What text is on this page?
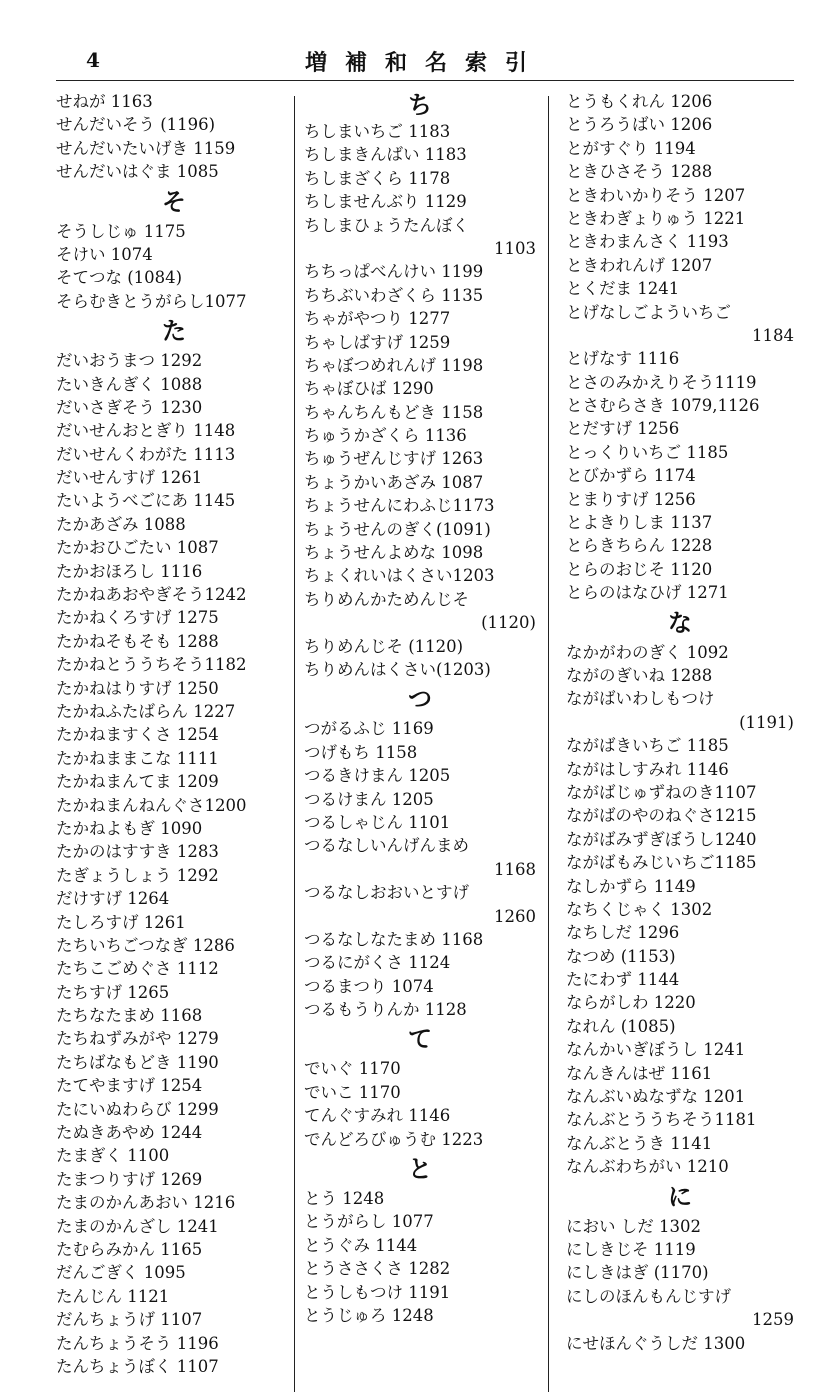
4	増補和名索引
せねが 1163
せんだいそう (1196)
せんだいたいげき 1159
せんだいはぐま 1085
そ
そうしじゅ 1175
そけい 1074
そてつな (1084)
そらむきとうがらし1077
た
だいおうまつ 1292
たいきんぎく 1088
だいさぎそう 1230
だいせんおとぎり 1148
だいせんくわがた 1113
だいせんすげ 1261
たいようべごにあ 1145
たかあざみ 1088
たかおひごたい 1087
たかおほろし 1116
たかねあおやぎそう1242
たかねくろすげ 1275
たかねそもそも 1288
たかねとううちそう1182
たかねはりすげ 1250
たかねふたばらん 1227
たかねますくさ 1254
たかねままこな 1111
たかねまんてま 1209
たかねまんねんぐさ1200
たかねよもぎ 1090
たかのはすすき 1283
たぎょうしょう 1292
だけすげ 1264
たしろすげ 1261
たちいちごつなぎ 1286
たちこごめぐさ 1112
たちすげ 1265
たちなたまめ 1168
たちねずみがや 1279
たちばなもどき 1190
たてやますげ 1254
たにいぬわらび 1299
たぬきあやめ 1244
たまぎく 1100
たまつりすげ 1269
たまのかんあおい 1216
たまのかんざし 1241
たむらみかん 1165
だんごぎく 1095
たんじん 1121
だんちょうげ 1107
たんちょうそう 1196
たんちょうぼく 1107
ち
ちしまいちご 1183
ちしまきんばい 1183
ちしまざくら 1178
ちしませんぶり 1129
ちしまひょうたんぼく
1103
ちちっぱべんけい 1199
ちちぶいわざくら 1135
ちゃがやつり 1277
ちゃしばすげ 1259
ちゃぼつめれんげ 1198
ちゃぼひば 1290
ちゃんちんもどき 1158
ちゅうかざくら 1136
ちゅうぜんじすげ 1263
ちょうかいあざみ 1087
ちょうせんにわふじ1173
ちょうせんのぎく(1091)
ちょうせんよめな 1098
ちょくれいはくさい1203
ちりめんかためんじそ
(1120)
ちりめんじそ (1120)
ちりめんはくさい(1203)
つ
つがるふじ 1169
つげもち 1158
つるきけまん 1205
つるけまん 1205
つるしゃじん 1101
つるなしいんげんまめ
1168
つるなしおおいとすげ
1260
つるなしなたまめ 1168
つるにがくさ 1124
つるまつり 1074
つるもうりんか 1128
て
でいぐ 1170
でいこ 1170
てんぐすみれ 1146
でんどろびゅうむ 1223
と
とう 1248
とうがらし 1077
とうぐみ 1144
とうささくさ 1282
とうしもつけ 1191
とうじゅろ 1248
とうもくれん 1206
とうろうばい 1206
とがすぐり 1194
ときひさそう 1288
ときわいかりそう 1207
ときわぎょりゅう 1221
ときわまんさく 1193
ときわれんげ 1207
とくだま 1241
とげなしごよういちご
1184
とげなす 1116
とさのみかえりそう1119
とさむらさき 1079,1126
とだすげ 1256
とっくりいちご 1185
とびかずら 1174
とまりすげ 1256
とよきりしま 1137
とらきちらん 1228
とらのおじそ 1120
とらのはなひげ 1271
な
なかがわのぎく 1092
ながのぎいね 1288
ながばいわしもつけ
(1191)
ながばきいちご 1185
ながはしすみれ 1146
ながばじゅずねのき1107
ながばのやのねぐさ1215
ながばみずぎぼうし1240
ながばもみじいちご1185
なしかずら 1149
なちくじゃく 1302
なちしだ 1296
なつめ (1153)
たにわず 1144
ならがしわ 1220
なれん (1085)
なんかいぎぼうし 1241
なんきんはぜ 1161
なんぶいぬなずな 1201
なんぶとううちそう1181
なんぶとうき 1141
なんぶわちがい 1210
に
におい しだ 1302
にしきじそ 1119
にしきはぎ (1170)
にしのほんもんじすげ
1259
にせほんぐうしだ 1300
